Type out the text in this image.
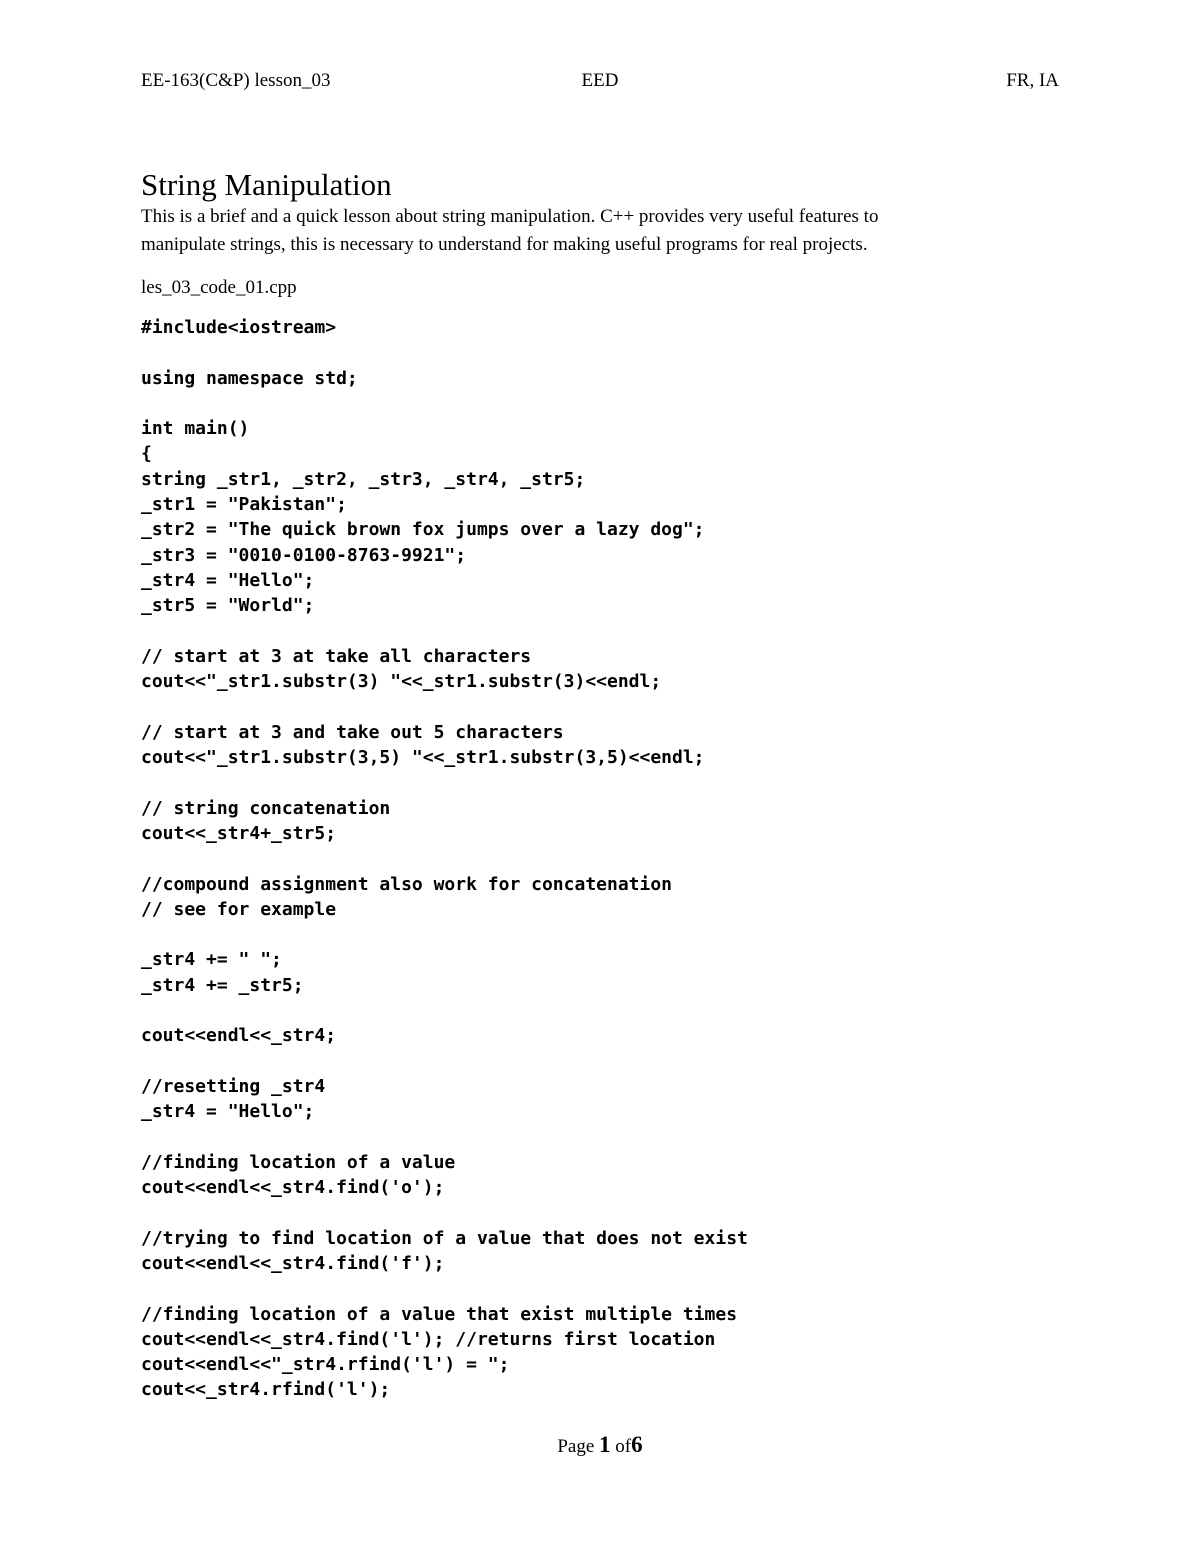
EE-163(C&P) lesson_03	EED	FR, IA
String Manipulation
This is a brief and a quick lesson about string manipulation. C++ provides very useful features to
manipulate strings, this is necessary to understand for making useful programs for real projects.
les_03_code_01.cpp
#include<iostream>
using namespace std;
int main()
{
string _str1, _str2, _str3, _str4, _str5;
_str1 = "Pakistan";
_str2 = "The quick brown fox jumps over a lazy dog";
_str3 = "0010-0100-8763-9921";
_str4 = "Hello";
_str5 = "World";
// start at 3 at take all characters
cout<<"_str1.substr(3) "<<_str1.substr(3)<<endl;
// start at 3 and take out 5 characters
cout<<"_str1.substr(3,5) "<<_str1.substr(3,5)<<endl;
// string concatenation
cout<<_str4+_str5;
//compound assignment also work for concatenation
// see for example
_str4 += " ";
_str4 += _str5;
cout<<endl<<_str4;
//resetting _str4
_str4 = "Hello";
//finding location of a value
cout<<endl<<_str4.find('o');
//trying to find location of a value that does not exist
cout<<endl<<_str4.find('f');
//finding location of a value that exist multiple times
cout<<endl<<_str4.find('l'); //returns first location
cout<<endl<<"_str4.rfind('l') = ";
cout<<_str4.rfind('l');
Page 1 of6
